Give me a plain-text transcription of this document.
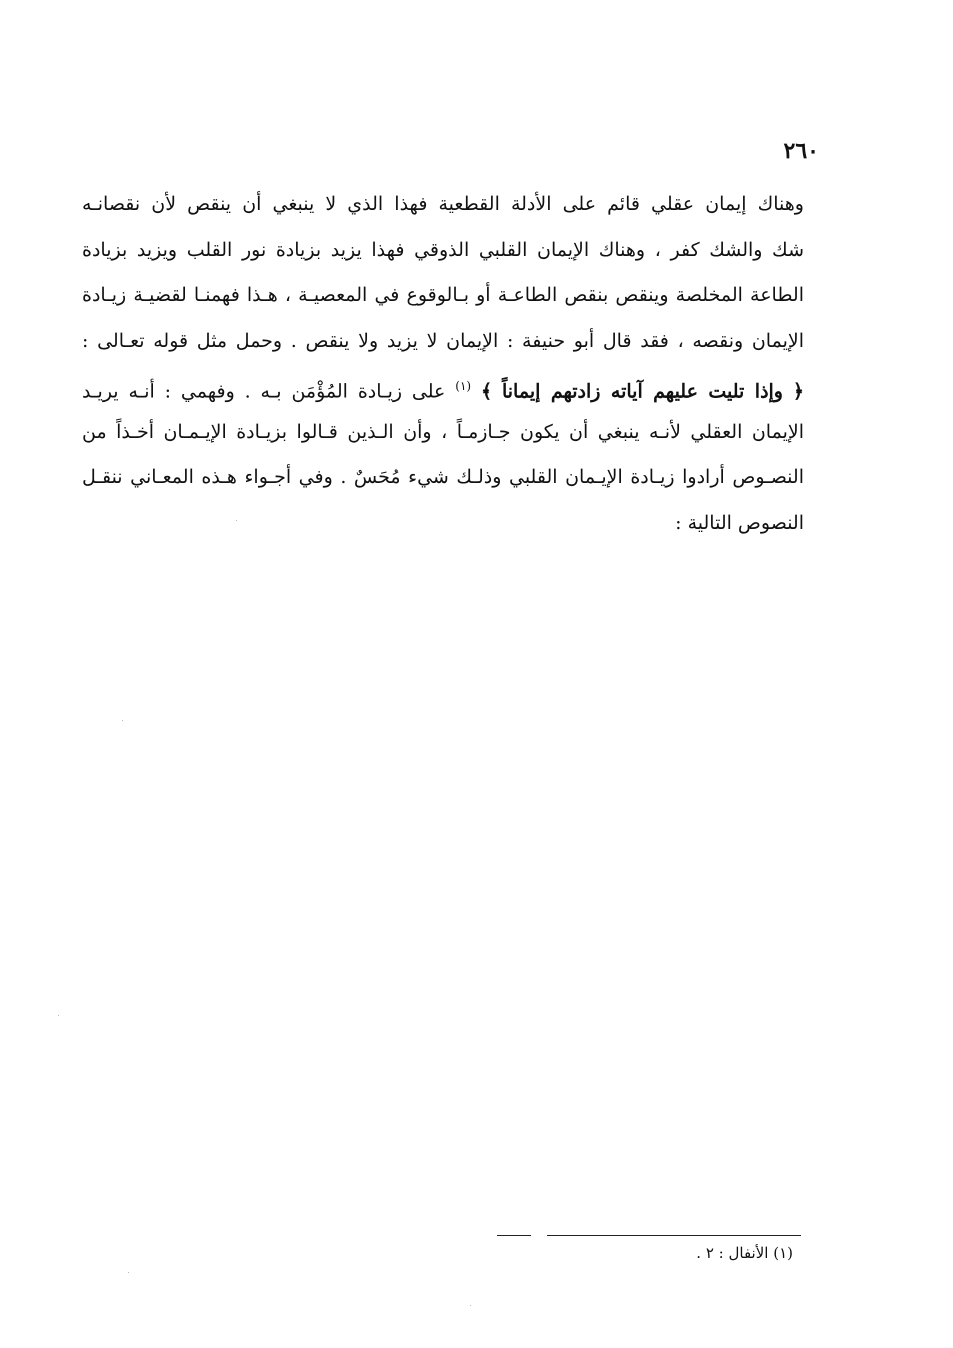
٢٦٠
وهناك إيمان عقلي قائم على الأدلة القطعية فهذا الذي لا ينبغي أن ينقص لأن نقصانـه
شك والشك كفر ، وهناك الإيمان القلبي الذوقي فهذا يزيد بزيادة نور القلب ويزيد بزيادة
الطاعة المخلصة وينقص بنقص الطاعـة أو بـالوقوع في المعصيـة ، هـذا فهمنـا لقضيـة زيـادة
الإيمان ونقصه ، فقد قال أبو حنيفة : الإيمان لا يزيد ولا ينقص . وحمل مثل قوله تعـالى :
﴿ وإذا تليت عليهم آياته زادتهم إيماناً ﴾ $^{(١)}$ على زيـادة المُؤْمَن بـه . وفهمي : أنـه يريـد
الإيمان العقلي لأنـه ينبغي أن يكون جـازمـاً ، وأن الـذين قـالوا بزيـادة الإيـمـان أخـذاً من
النصـوص أرادوا زيـادة الإيـمان القلبي وذلـك شيء مُحَسٌ . وفي أجـواء هـذه المعـاني ننقـل
النصوص التالية :
(١) الأنفال : ٢ .
